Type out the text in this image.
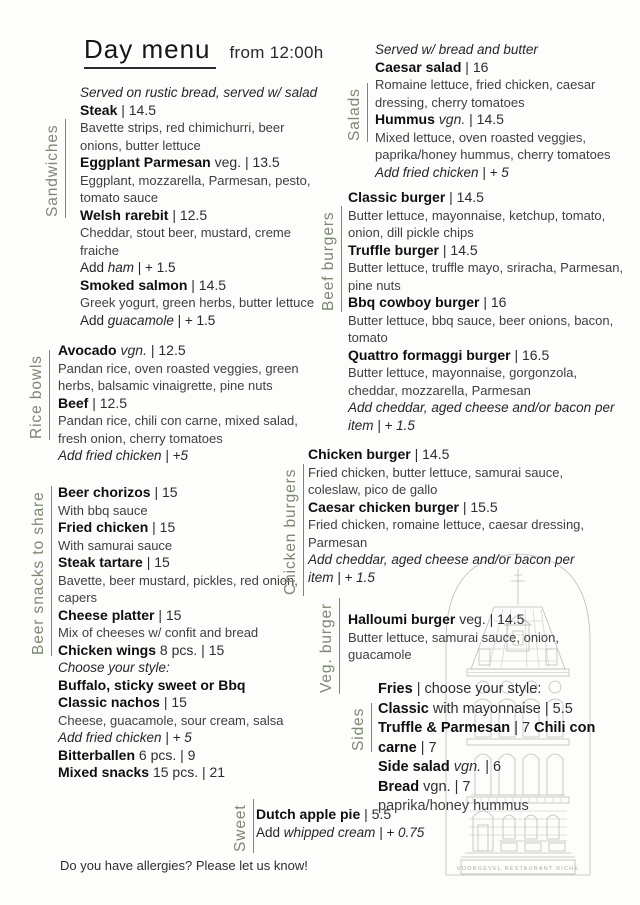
VOORGEVEL RESTAURANT RICHE
Day menu from 12:00h
Sandwiches
Rice bowls
Beer snacks to share
Sweet
Salads
Beef burgers
Chicken burgers
Veg. burger
Sides
Served on rustic bread, served w/ salad
Steak | 14.5
Bavette strips, red chimichurri, beer onions, butter lettuce
Eggplant Parmesan veg. | 13.5
Eggplant, mozzarella, Parmesan, pesto, tomato sauce
Welsh rarebit | 12.5
Cheddar, stout beer, mustard, creme fraiche
Add ham | + 1.5
Smoked salmon | 14.5
Greek yogurt, green herbs, butter lettuce
Add guacamole | + 1.5
Avocado vgn. | 12.5
Pandan rice, oven roasted veggies, green herbs, balsamic vinaigrette, pine nuts
Beef | 12.5
Pandan rice, chili con carne, mixed salad, fresh onion, cherry tomatoes
Add fried chicken | +5
Beer chorizos | 15
With bbq sauce
Fried chicken | 15
With samurai sauce
Steak tartare | 15
Bavette, beer mustard, pickles, red onion, capers
Cheese platter | 15
Mix of cheeses w/ confit and bread
Chicken wings 8 pcs. | 15
Choose your style:
Buffalo, sticky sweet or Bbq
Classic nachos | 15
Cheese, guacamole, sour cream, salsa
Add fried chicken | + 5
Bitterballen 6 pcs. | 9
Mixed snacks 15 pcs. | 21
Dutch apple pie | 5.5
Add whipped cream | + 0.75
Served w/ bread and butter
Caesar salad | 16
Romaine lettuce, fried chicken, caesar dressing, cherry tomatoes
Hummus vgn. | 14.5
Mixed lettuce, oven roasted veggies, paprika/honey hummus, cherry tomatoes
Add fried chicken | + 5
Classic burger | 14.5
Butter lettuce, mayonnaise, ketchup, tomato, onion, dill pickle chips
Truffle burger | 14.5
Butter lettuce, truffle mayo, sriracha, Parmesan, pine nuts
Bbq cowboy burger | 16
Butter lettuce, bbq sauce, beer onions, bacon, tomato
Quattro formaggi burger | 16.5
Butter lettuce, mayonnaise, gorgonzola, cheddar, mozzarella, Parmesan
Add cheddar, aged cheese and/or bacon per item | + 1.5
Chicken burger | 14.5
Fried chicken, butter lettuce, samurai sauce, coleslaw, pico de gallo
Caesar chicken burger | 15.5
Fried chicken, romaine lettuce, caesar dressing, Parmesan
Add cheddar, aged cheese and/or bacon per item | + 1.5
Halloumi burger veg. | 14.5
Butter lettuce, samurai sauce, onion, guacamole
Fries | choose your style:
Classic with mayonnaise | 5.5
Truffle & Parmesan | 7 Chili con carne | 7
Side salad vgn. | 6
Bread vgn. | 7
paprika/honey hummus
Do you have allergies? Please let us know!
